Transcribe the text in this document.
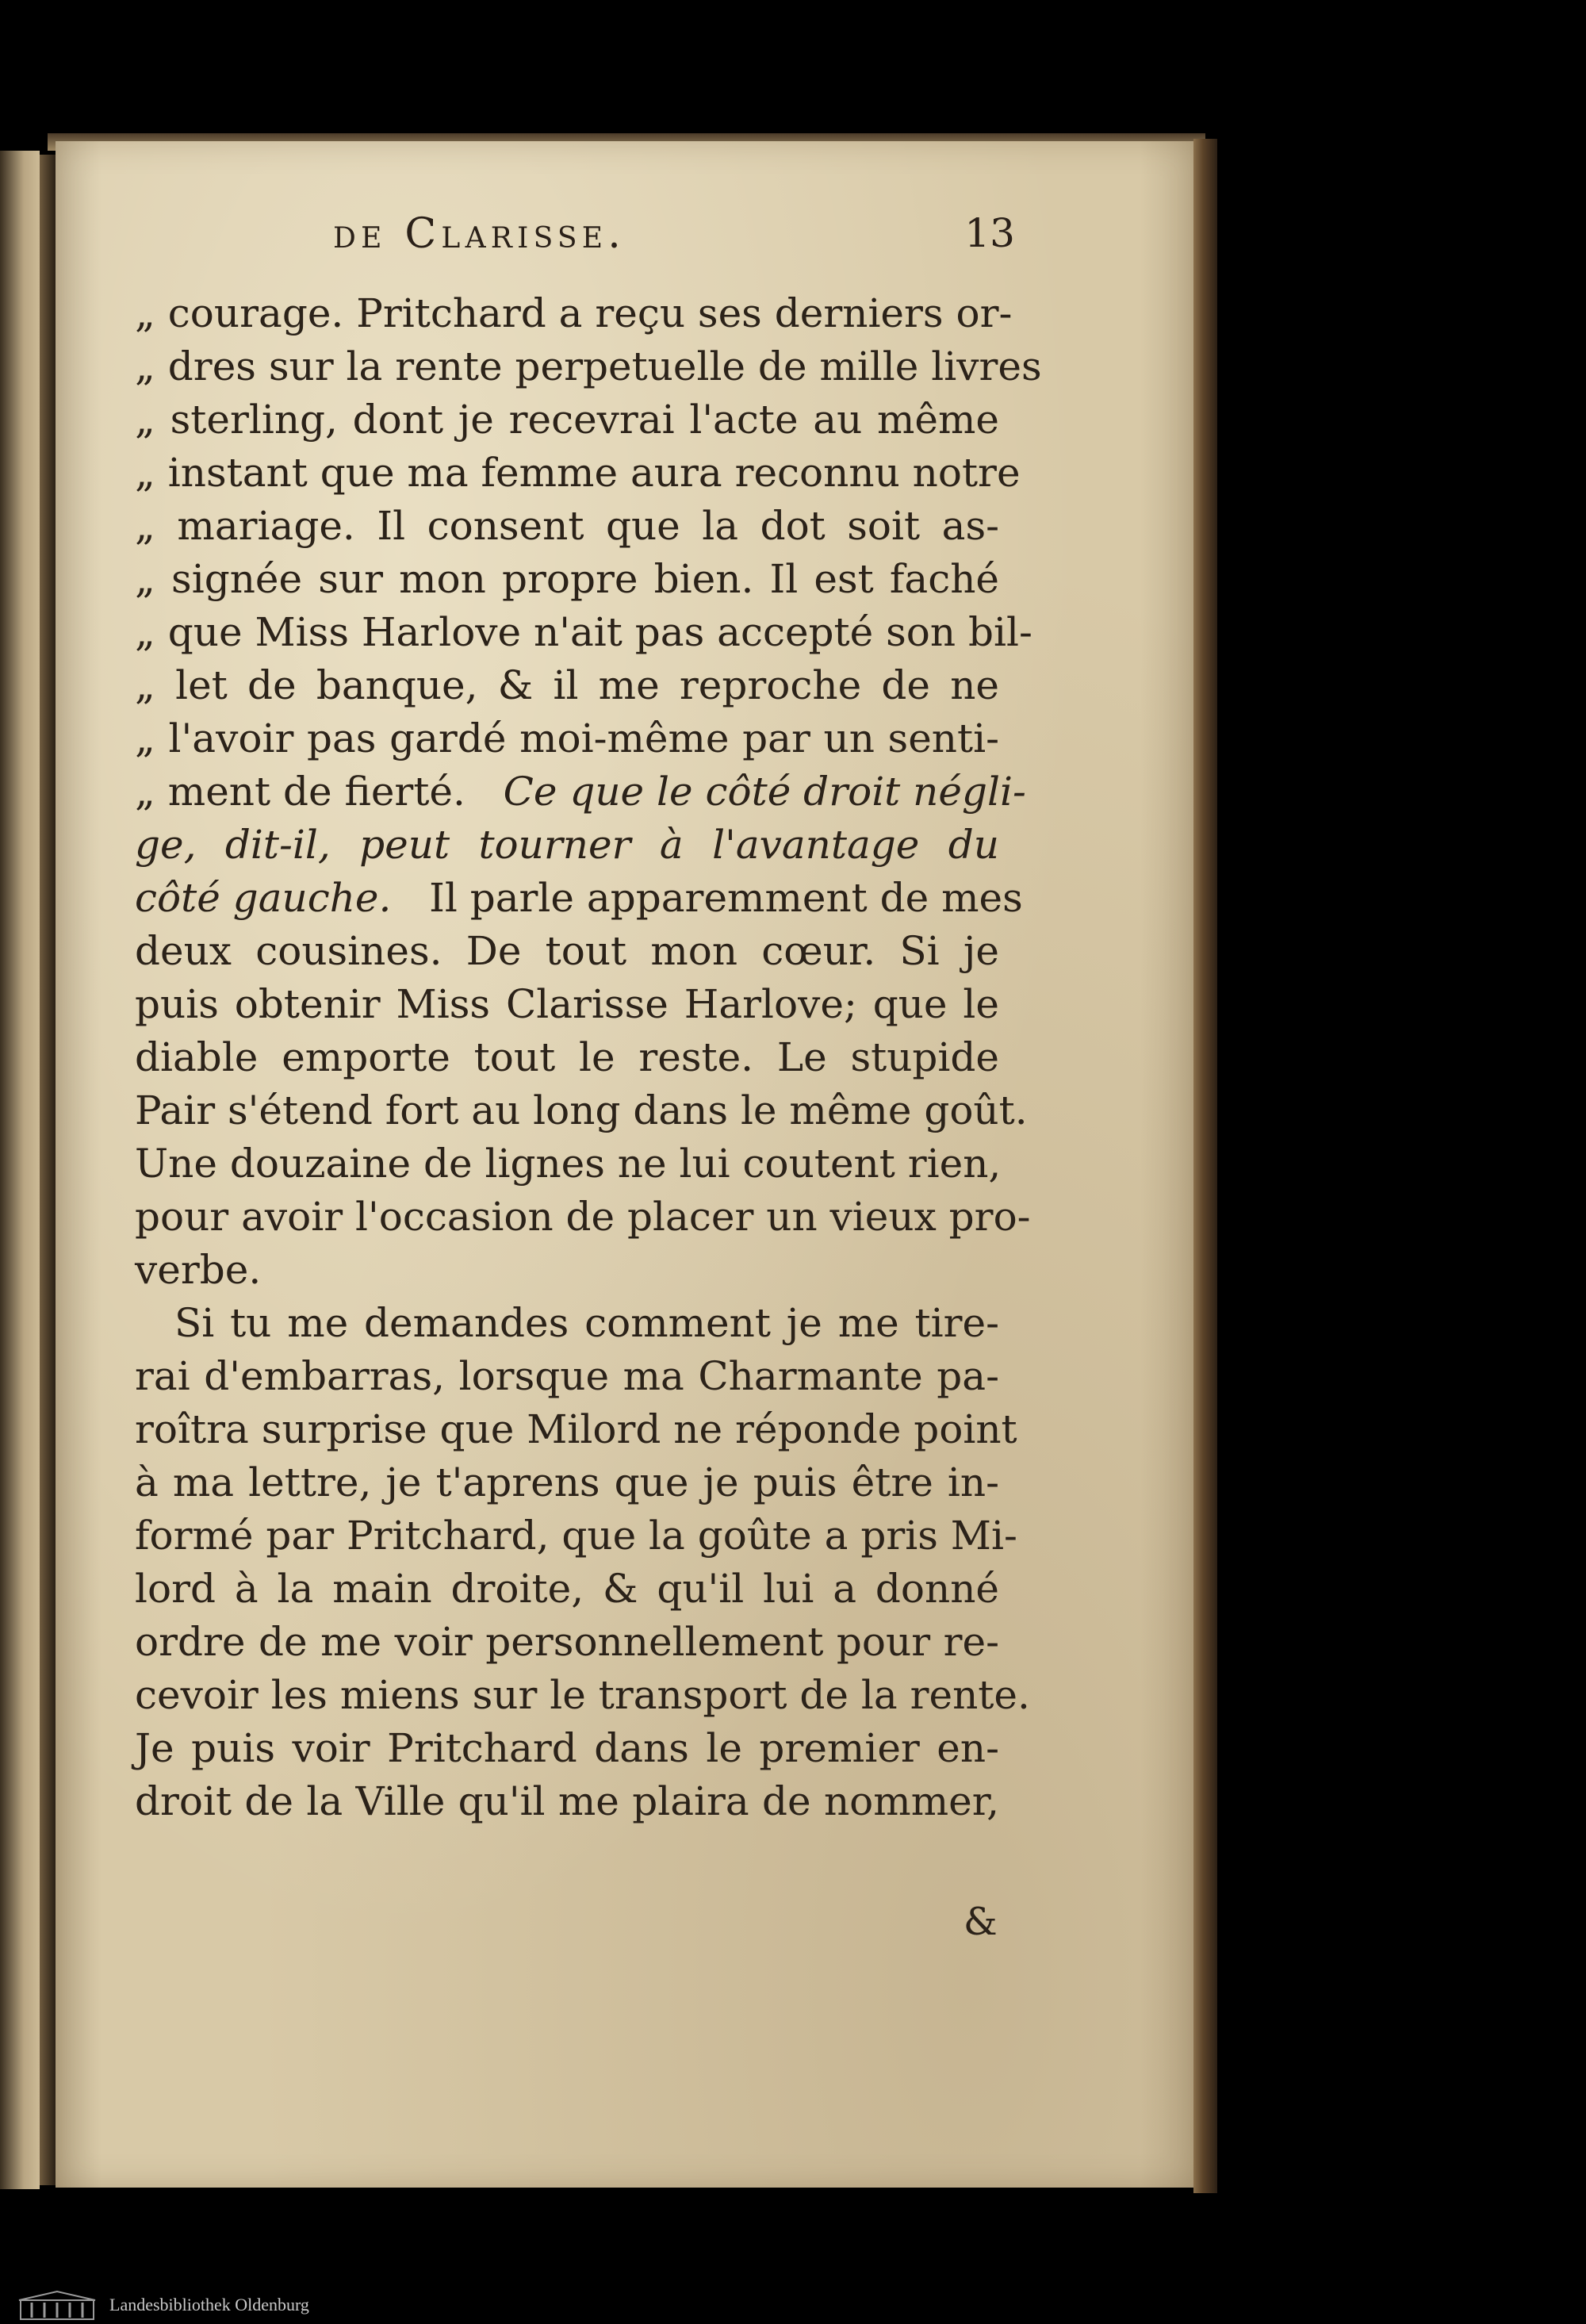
de Clarisse.	13
„ courage. Pritchard a reçu ses derniers or-
„ dres sur la rente perpetuelle de mille livres
„ sterling, dont je recevrai l'acte au même
„ instant que ma femme aura reconnu notre
„ mariage. Il consent que la dot soit as-
„ signée sur mon propre bien. Il est faché
„ que Miss Harlove n'ait pas accepté son bil-
„ let de banque, & il me reproche de ne
„ l'avoir pas gardé moi-même par un senti-
„ ment de fierté. Ce que le côté droit négli-
ge, dit-il, peut tourner à l'avantage du
côté gauche. Il parle apparemment de mes
deux cousines. De tout mon cœur. Si je
puis obtenir Miss Clarisse Harlove; que le
diable emporte tout le reste. Le stupide
Pair s'étend fort au long dans le même goût.
Une douzaine de lignes ne lui coutent rien,
pour avoir l'occasion de placer un vieux pro-
verbe.
Si tu me demandes comment je me tire-
rai d'embarras, lorsque ma Charmante pa-
roîtra surprise que Milord ne réponde point
à ma lettre, je t'aprens que je puis être in-
formé par Pritchard, que la goûte a pris Mi-
lord à la main droite, & qu'il lui a donné
ordre de me voir personnellement pour re-
cevoir les miens sur le transport de la rente.
Je puis voir Pritchard dans le premier en-
droit de la Ville qu'il me plaira de nommer,
&
Landesbibliothek Oldenburg
